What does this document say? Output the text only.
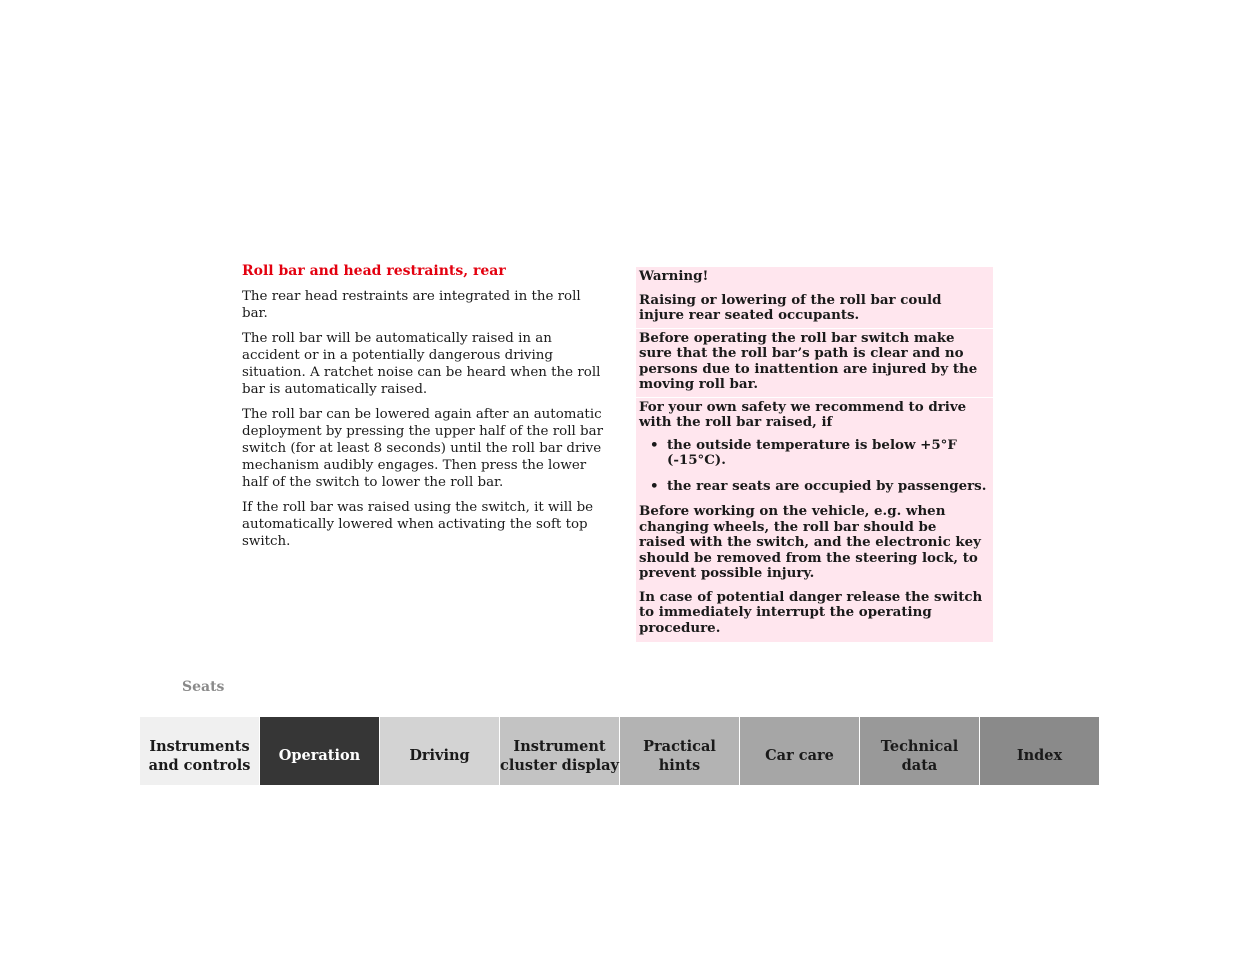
Roll bar and head restraints, rear

The rear head restraints are integrated in the roll bar.

The roll bar will be automatically raised in an accident or in a potentially dangerous driving situation. A ratchet noise can be heard when the roll bar is automatically raised.

The roll bar can be lowered again after an automatic deployment by pressing the upper half of the roll bar switch (for at least 8 seconds) until the roll bar drive mechanism audibly engages. Then press the lower half of the switch to lower the roll bar.

If the roll bar was raised using the switch, it will be automatically lowered when activating the soft top switch.

Warning!

Raising or lowering of the roll bar could injure rear seated occupants.

Before operating the roll bar switch make sure that the roll bar’s path is clear and no persons due to inattention are injured by the moving roll bar.

For your own safety we recommend to drive with the roll bar raised, if

• the outside temperature is below +5°F (-15°C).
• the rear seats are occupied by passengers.

Before working on the vehicle, e.g. when changing wheels, the roll bar should be raised with the switch, and the electronic key should be removed from the steering lock, to prevent possible injury.

In case of potential danger release the switch to immediately interrupt the operating procedure.

Seats
Instruments
and controls
Operation	Driving
Instrument
cluster display
Practical hints
Car care
Technical
data
Index
